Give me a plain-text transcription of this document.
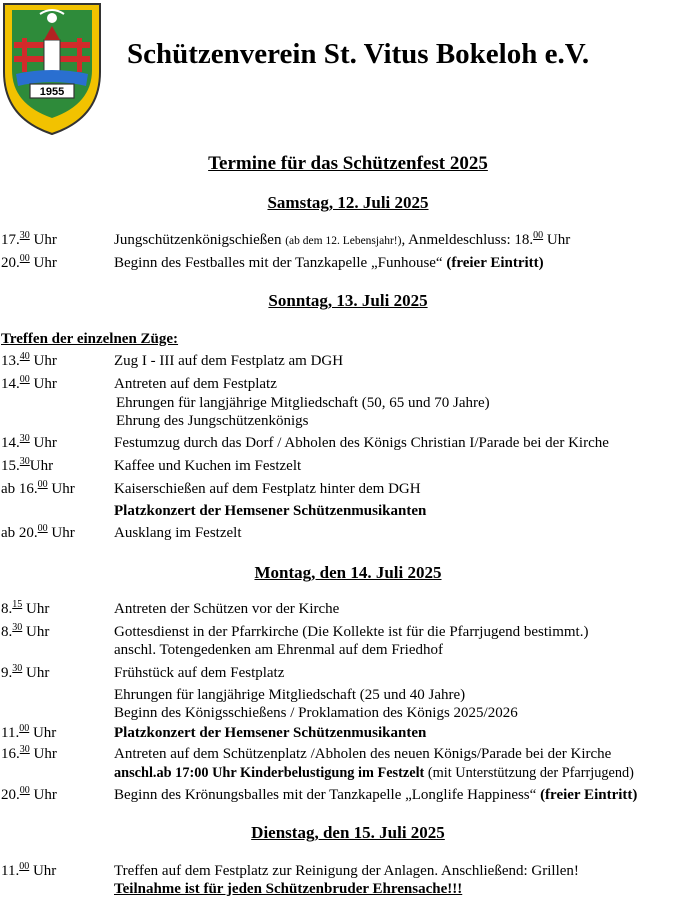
1955
Schützenverein St. Vitus Bokeloh e.V.
Termine für das Schützenfest 2025
Samstag, 12. Juli 2025
17.30 Uhr	Jungschützenkönigschießen (ab dem 12. Lebensjahr!), Anmeldeschluss: 18.00 Uhr
20.00 Uhr	Beginn des Festballes mit der Tanzkapelle „Funhouse“ (freier Eintritt)
Sonntag, 13. Juli 2025
Treffen der einzelnen Züge:
13.40 Uhr	Zug I - III auf dem Festplatz am DGH
14.00 Uhr	Antreten auf dem Festplatz
Ehrungen für langjährige Mitgliedschaft (50, 65 und 70 Jahre)
Ehrung des Jungschützenkönigs
14.30 Uhr	Festumzug durch das Dorf / Abholen des Königs Christian I/Parade bei der Kirche
15.30Uhr	Kaffee und Kuchen im Festzelt
ab 16.00 Uhr	Kaiserschießen auf dem Festplatz hinter dem DGH
Platzkonzert der Hemsener Schützenmusikanten
ab 20.00 Uhr	Ausklang im Festzelt
Montag, den 14. Juli 2025
8.15 Uhr	Antreten der Schützen vor der Kirche
8.30 Uhr	Gottesdienst in der Pfarrkirche (Die Kollekte ist für die Pfarrjugend bestimmt.)
anschl. Totengedenken am Ehrenmal auf dem Friedhof
9.30 Uhr	Frühstück auf dem Festplatz
Ehrungen für langjährige Mitgliedschaft (25 und 40 Jahre)
Beginn des Königsschießens / Proklamation des Königs 2025/2026
11.00 Uhr	Platzkonzert der Hemsener Schützenmusikanten
16.30 Uhr	Antreten auf dem Schützenplatz /Abholen des neuen Königs/Parade bei der Kirche
anschl.ab 17:00 Uhr Kinderbelustigung im Festzelt (mit Unterstützung der Pfarrjugend)
20.00 Uhr	Beginn des Krönungsballes mit der Tanzkapelle „Longlife Happiness“ (freier Eintritt)
Dienstag, den 15. Juli 2025
11.00 Uhr	Treffen auf dem Festplatz zur Reinigung der Anlagen. Anschließend: Grillen!
Teilnahme ist für jeden Schützenbruder Ehrensache!!!
